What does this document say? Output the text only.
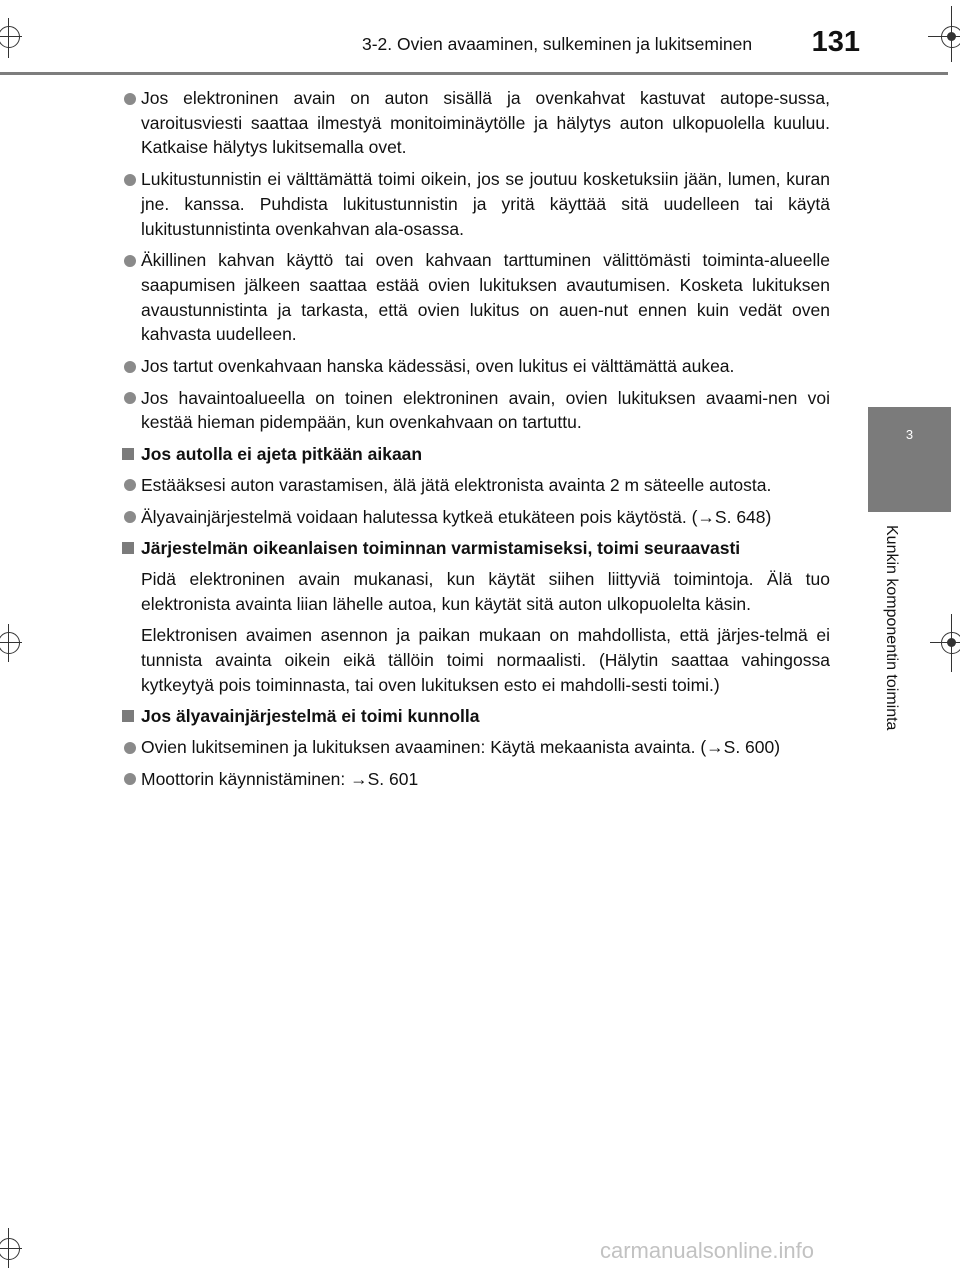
3-2. Ovien avaaminen, sulkeminen ja lukitseminen	131
3
Kunkin komponentin toiminta
Jos elektroninen avain on auton sisällä ja ovenkahvat kastuvat autope-sussa, varoitusviesti saattaa ilmestyä monitoiminäytölle ja hälytys auton ulkopuolella kuuluu. Katkaise hälytys lukitsemalla ovet.
Lukitustunnistin ei välttämättä toimi oikein, jos se joutuu kosketuksiin jään, lumen, kuran jne. kanssa. Puhdista lukitustunnistin ja yritä käyttää sitä uudelleen tai käytä lukitustunnistinta ovenkahvan ala-osassa.
Äkillinen kahvan käyttö tai oven kahvaan tarttuminen välittömästi toiminta-alueelle saapumisen jälkeen saattaa estää ovien lukituksen avautumisen. Kosketa lukituksen avaustunnistinta ja tarkasta, että ovien lukitus on auen-nut ennen kuin vedät oven kahvasta uudelleen.
Jos tartut ovenkahvaan hanska kädessäsi, oven lukitus ei välttämättä aukea.
Jos havaintoalueella on toinen elektroninen avain, ovien lukituksen avaami-nen voi kestää hieman pidempään, kun ovenkahvaan on tartuttu.
Jos autolla ei ajeta pitkään aikaan
Estääksesi auton varastamisen, älä jätä elektronista avainta 2 m säteelle autosta.
Älyavainjärjestelmä voidaan halutessa kytkeä etukäteen pois käytöstä. (→S. 648)
Järjestelmän oikeanlaisen toiminnan varmistamiseksi, toimi seuraavasti
Pidä elektroninen avain mukanasi, kun käytät siihen liittyviä toimintoja. Älä tuo elektronista avainta liian lähelle autoa, kun käytät sitä auton ulkopuolelta käsin.
Elektronisen avaimen asennon ja paikan mukaan on mahdollista, että järjes-telmä ei tunnista avainta oikein eikä tällöin toimi normaalisti. (Hälytin saattaa vahingossa kytkeytyä pois toiminnasta, tai oven lukituksen esto ei mahdolli-sesti toimi.)
Jos älyavainjärjestelmä ei toimi kunnolla
Ovien lukitseminen ja lukituksen avaaminen: Käytä mekaanista avainta. (→S. 600)
Moottorin käynnistäminen: →S. 601
carmanualsonline.info
